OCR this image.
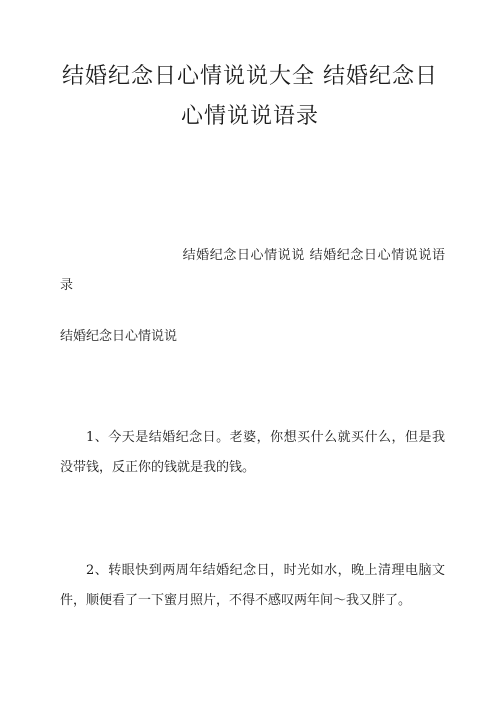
结婚纪念日心情说说大全 结婚纪念日
心情说说语录
结婚纪念日心情说说 结婚纪念日心情说说语录
结婚纪念日心情说说
1、今天是结婚纪念日。老婆，你想买什么就买什么，但是我没带钱，反正你的钱就是我的钱。
2、转眼快到两周年结婚纪念日，时光如水，晚上清理电脑文件，顺便看了一下蜜月照片，不得不感叹两年间～我又胖了。
